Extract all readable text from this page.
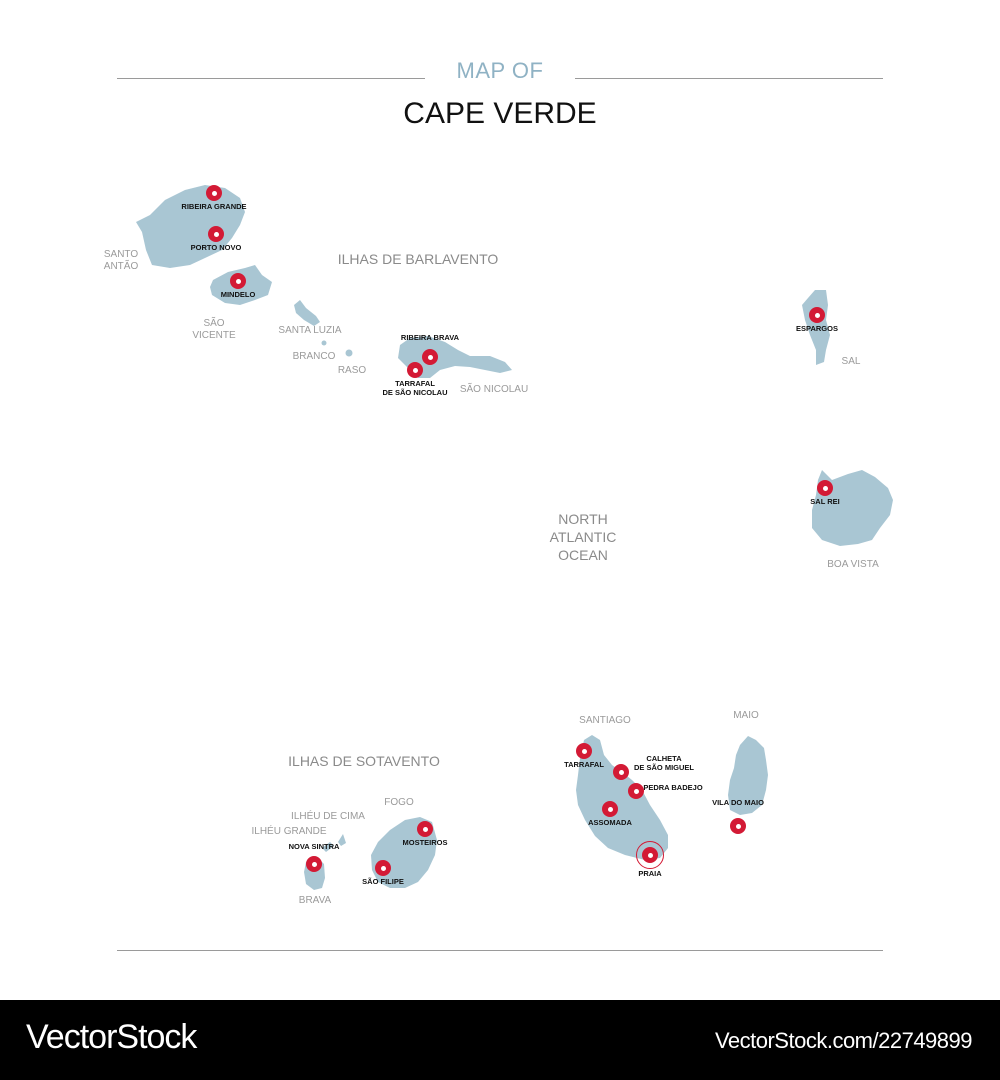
MAP OF
CAPE VERDE
ILHAS DE BARLAVENTO
ILHAS DE SOTAVENTO
NORTH
ATLANTIC
OCEAN
SANTO
ANTÃO
SÃO
VICENTE	SANTA LUZIA
BRANCO
RASO
SÃO NICOLAU
SAL
BOA VISTA
SANTIAGO	MAIO
FOGO
ILHÉU DE CIMA
ILHÉU GRANDE
BRAVA
RIBEIRA GRANDE
PORTO NOVO
MINDELO
RIBEIRA BRAVA
TARRAFAL
DE SÃO NICOLAU
ESPARGOS
SAL REI
TARRAFAL
CALHETA
DE SÃO MIGUEL
PEDRA BADEJO
ASSOMADA
PRAIA
VILA DO MAIO
MOSTEIROS
SÃO FILIPE
NOVA SINTRA
VectorStock	VectorStock.com/22749899
